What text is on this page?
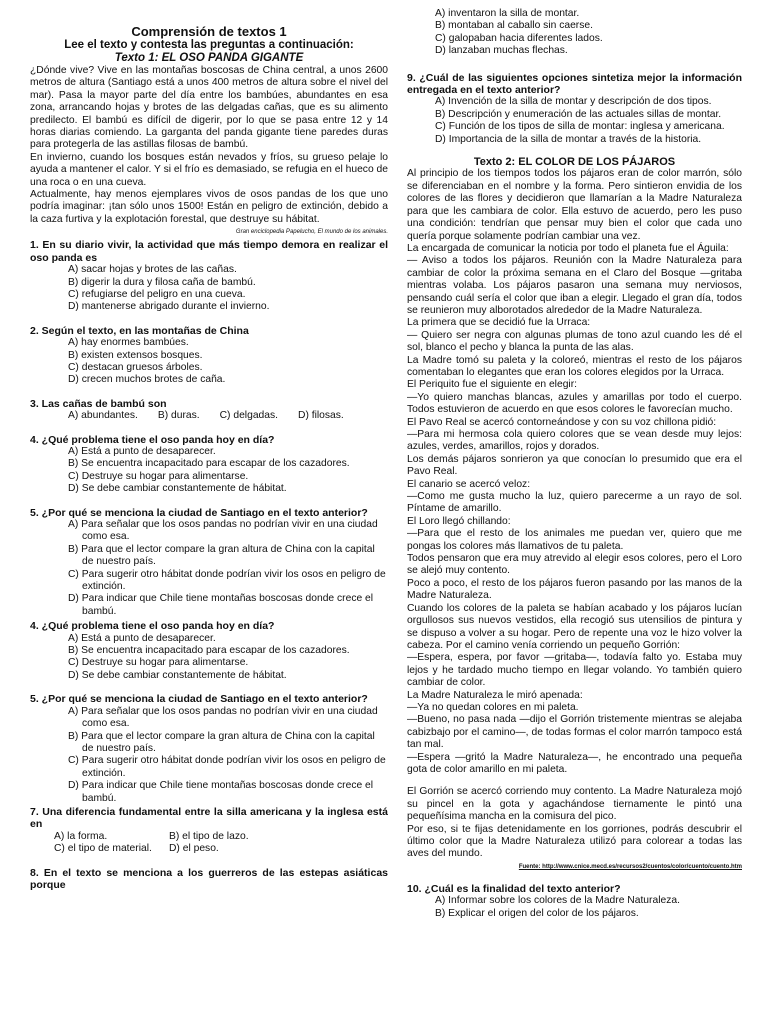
Comprensión de textos 1
Lee el texto y contesta las preguntas a continuación:
Texto 1: EL OSO PANDA GIGANTE

¿Dónde vive? Vive en las montañas boscosas de China central, a unos 2600 metros de altura (Santiago está a unos 400 metros de altura sobre el nivel del mar). Pasa la mayor parte del día entre los bambúes, abundantes en esa zona, arrancando hojas y brotes de las delgadas cañas, que es su alimento predilecto. El bambú es difícil de digerir, por lo que se pasa entre 12 y 14 horas diarias comiendo. La garganta del panda gigante tiene paredes duras para protegerla de las astillas filosas de bambú.

En invierno, cuando los bosques están nevados y fríos, su grueso pelaje lo ayuda a mantener el calor. Y si el frío es demasiado, se refugia en el hueco de una roca o en una cueva.

Actualmente, hay menos ejemplares vivos de osos pandas de los que uno podría imaginar: ¡tan sólo unos 1500! Están en peligro de extinción, debido a la caza furtiva y la explotación forestal, que destruye su hábitat.

Gran enciclopedia Papelucho, El mundo de los animales.
1. En su diario vivir, la actividad que más tiempo demora en realizar el oso panda es
A) sacar hojas y brotes de las cañas.
B) digerir la dura y filosa caña de bambú.
C) refugiarse del peligro en una cueva.
D) mantenerse abrigado durante el invierno.
2. Según el texto, en las montañas de China
A) hay enormes bambúes.
B) existen extensos bosques.
C) destacan gruesos árboles.
D) crecen muchos brotes de caña.
3. Las cañas de bambú son
A) abundantes. B) duras. C) delgadas. D) filosas.
4. ¿Qué problema tiene el oso panda hoy en día?
A) Está a punto de desaparecer.
B) Se encuentra incapacitado para escapar de los cazadores.
C) Destruye su hogar para alimentarse.
D) Se debe cambiar constantemente de hábitat.
5. ¿Por qué se menciona la ciudad de Santiago en el texto anterior?
A) Para señalar que los osos pandas no podrían vivir en una ciudad como esa.
B) Para que el lector compare la gran altura de China con la capital de nuestro país.
C) Para sugerir otro hábitat donde podrían vivir los osos en peligro de extinción.
D) Para indicar que Chile tiene montañas boscosas donde crece el bambú.
4. ¿Qué problema tiene el oso panda hoy en día?
A) Está a punto de desaparecer.
B) Se encuentra incapacitado para escapar de los cazadores.
C) Destruye su hogar para alimentarse.
D) Se debe cambiar constantemente de hábitat.
5. ¿Por qué se menciona la ciudad de Santiago en el texto anterior?
A) Para señalar que los osos pandas no podrían vivir en una ciudad como esa.
B) Para que el lector compare la gran altura de China con la capital de nuestro país.
C) Para sugerir otro hábitat donde podrían vivir los osos en peligro de extinción.
D) Para indicar que Chile tiene montañas boscosas donde crece el bambú.
7. Una diferencia fundamental entre la silla americana y la inglesa está en
A) la forma.	B) el tipo de lazo.
C) el tipo de material.	D) el peso.
8. En el texto se menciona a los guerreros de las estepas asiáticas porque
A) inventaron la silla de montar.
B) montaban al caballo sin caerse.
C) galopaban hacia diferentes lados.
D) lanzaban muchas flechas.
9. ¿Cuál de las siguientes opciones sintetiza mejor la información entregada en el texto anterior?
A) Invención de la silla de montar y descripción de dos tipos.
B) Descripción y enumeración de las actuales sillas de montar.
C) Función de los tipos de silla de montar: inglesa y americana.
D) Importancia de la silla de montar a través de la historia.
Texto 2: EL COLOR DE LOS PÁJAROS
Al principio de los tiempos todos los pájaros eran de color marrón, sólo se diferenciaban en el nombre y la forma. Pero sintieron envidia de los colores de las flores y decidieron que llamarían a la Madre Naturaleza para que les cambiara de color. Ella estuvo de acuerdo, pero les puso una condición: tendrían que pensar muy bien el color que cada uno quería porque solamente podrían cambiar una vez.
La encargada de comunicar la noticia por todo el planeta fue el Águila:
— Aviso a todos los pájaros. Reunión con la Madre Naturaleza para cambiar de color la próxima semana en el Claro del Bosque —gritaba mientras volaba. Los pájaros pasaron una semana muy nerviosos, pensando cuál sería el color que iban a elegir. Llegado el gran día, todos se reunieron muy alborotados alrededor de la Madre Naturaleza.
La primera que se decidió fue la Urraca:
— Quiero ser negra con algunas plumas de tono azul cuando les dé el sol, blanco el pecho y blanca la punta de las alas.
La Madre tomó su paleta y la coloreó, mientras el resto de los pájaros comentaban lo elegantes que eran los colores elegidos por la Urraca.
El Periquito fue el siguiente en elegir:
—Yo quiero manchas blancas, azules y amarillas por todo el cuerpo. Todos estuvieron de acuerdo en que esos colores le favorecían mucho.
El Pavo Real se acercó contorneándose y con su voz chillona pidió:
—Para mi hermosa cola quiero colores que se vean desde muy lejos: azules, verdes, amarillos, rojos y dorados.
Los demás pájaros sonrieron ya que conocían lo presumido que era el Pavo Real.
El canario se acercó veloz:
—Como me gusta mucho la luz, quiero parecerme a un rayo de sol. Píntame de amarillo.
El Loro llegó chillando:
—Para que el resto de los animales me puedan ver, quiero que me pongas los colores más llamativos de tu paleta.
Todos pensaron que era muy atrevido al elegir esos colores, pero el Loro se alejó muy contento.
Poco a poco, el resto de los pájaros fueron pasando por las manos de la Madre Naturaleza.
Cuando los colores de la paleta se habían acabado y los pájaros lucían orgullosos sus nuevos vestidos, ella recogió sus utensilios de pintura y se dispuso a volver a su hogar. Pero de repente una voz le hizo volver la cabeza. Por el camino venía corriendo un pequeño Gorrión:
—Espera, espera, por favor —gritaba—, todavía falto yo. Estaba muy lejos y he tardado mucho tiempo en llegar volando. Yo también quiero cambiar de color.
La Madre Naturaleza le miró apenada:
—Ya no quedan colores en mi paleta.
—Bueno, no pasa nada —dijo el Gorrión tristemente mientras se alejaba cabizbajo por el camino—, de todas formas el color marrón tampoco está tan mal.
—Espera —gritó la Madre Naturaleza—, he encontrado una pequeña gota de color amarillo en mi paleta.
El Gorrión se acercó corriendo muy contento. La Madre Naturaleza mojó su pincel en la gota y agachándose tiernamente le pintó una pequeñísima mancha en la comisura del pico.
Por eso, si te fijas detenidamente en los gorriones, podrás descubrir el último color que la Madre Naturaleza utilizó para colorear a todas las aves del mundo.
Fuente: http://www.cnice.mecd.es/recursos2/cuentos/color/cuento/cuento.htm
10. ¿Cuál es la finalidad del texto anterior?
A) Informar sobre los colores de la Madre Naturaleza.
B) Explicar el origen del color de los pájaros.
